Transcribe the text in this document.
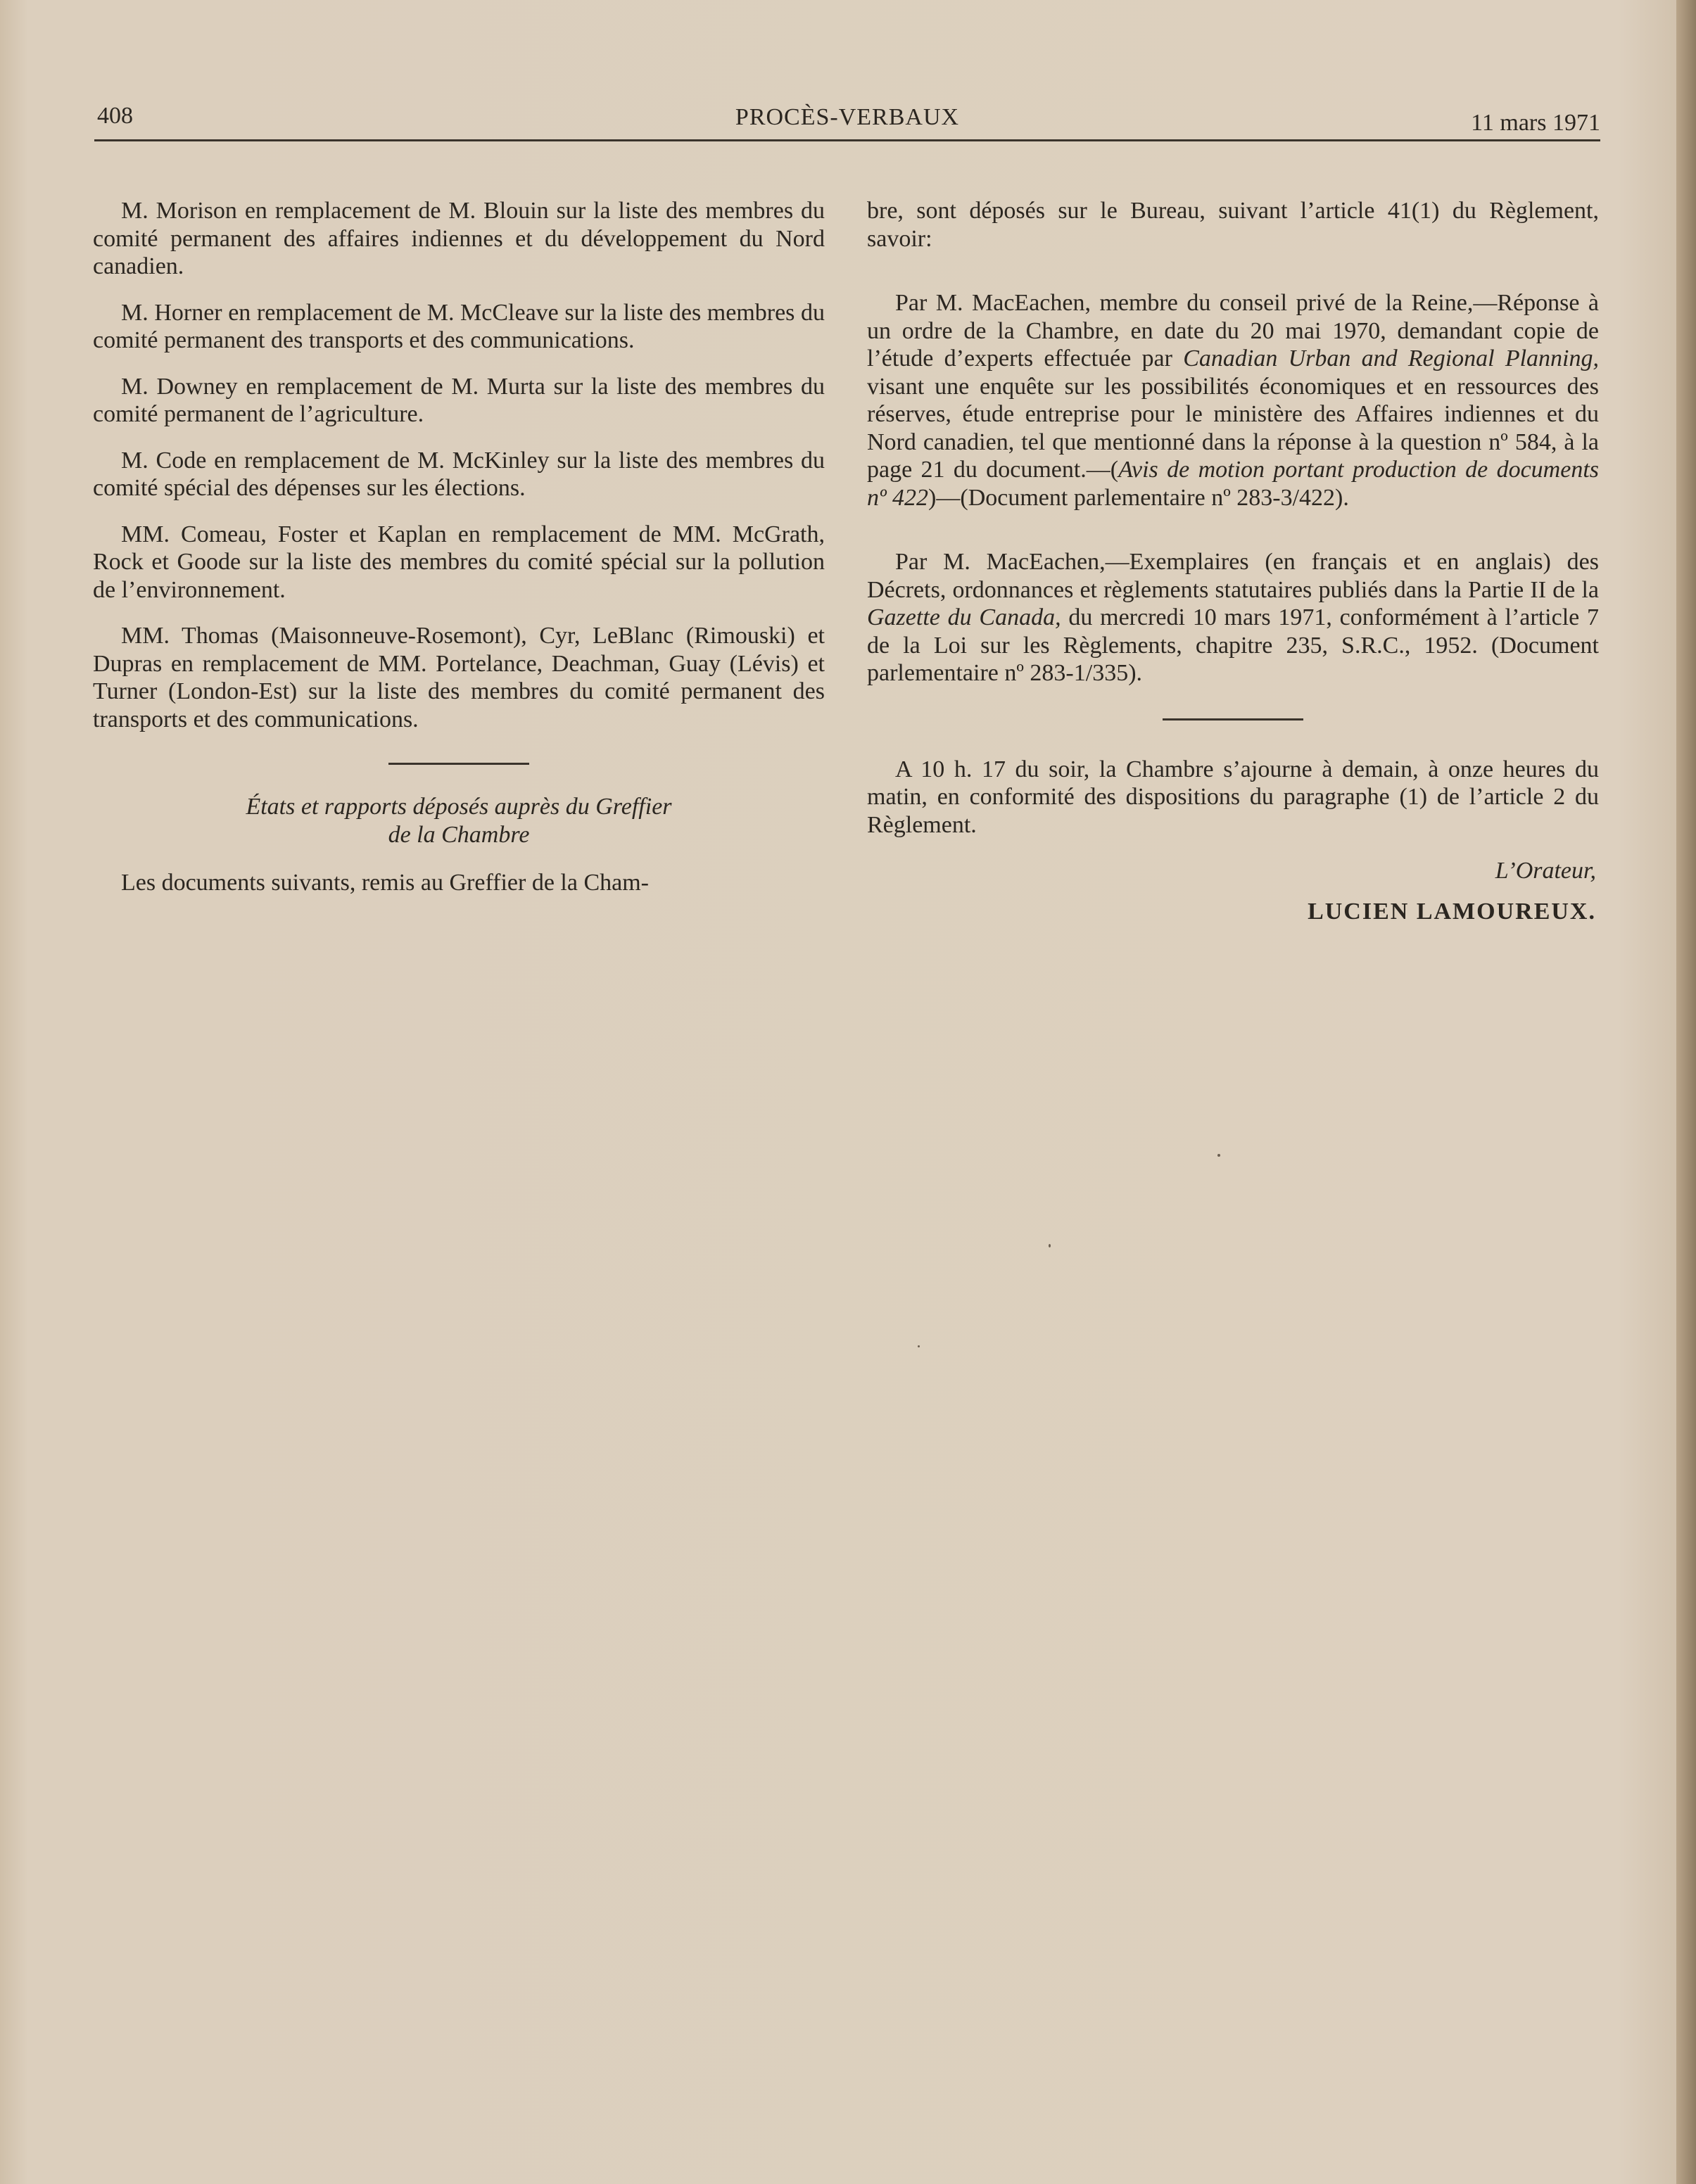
408	PROCÈS-VERBAUX	11 mars 1971

M. Morison en remplacement de M. Blouin sur la liste des membres du comité permanent des affaires indiennes et du développement du Nord canadien.

M. Horner en remplacement de M. McCleave sur la liste des membres du comité permanent des transports et des communications.

M. Downey en remplacement de M. Murta sur la liste des membres du comité permanent de l’agriculture.

M. Code en remplacement de M. McKinley sur la liste des membres du comité spécial des dépenses sur les élections.

MM. Comeau, Foster et Kaplan en remplacement de MM. McGrath, Rock et Goode sur la liste des membres du comité spécial sur la pollution de l’environnement.

MM. Thomas (Maisonneuve-Rosemont), Cyr, LeBlanc (Rimouski) et Dupras en remplacement de MM. Portelance, Deachman, Guay (Lévis) et Turner (London-Est) sur la liste des membres du comité permanent des transports et des communications.

États et rapports déposés auprès du Greffier
de la Chambre

Les documents suivants, remis au Greffier de la Cham-

bre, sont déposés sur le Bureau, suivant l’article 41(1) du Règlement, savoir:

Par M. MacEachen, membre du conseil privé de la Reine,—Réponse à un ordre de la Chambre, en date du 20 mai 1970, demandant copie de l’étude d’experts effectuée par Canadian Urban and Regional Planning, visant une enquête sur les possibilités économiques et en ressources des réserves, étude entreprise pour le ministère des Affaires indiennes et du Nord canadien, tel que mentionné dans la réponse à la question nº 584, à la page 21 du document.—(Avis de motion portant production de documents nº 422)—(Document parlementaire nº 283-3/422).

Par M. MacEachen,—Exemplaires (en français et en anglais) des Décrets, ordonnances et règlements statutaires publiés dans la Partie II de la Gazette du Canada, du mercredi 10 mars 1971, conformément à l’article 7 de la Loi sur les Règlements, chapitre 235, S.R.C., 1952. (Document parlementaire nº 283-1/335).

A 10 h. 17 du soir, la Chambre s’ajourne à demain, à onze heures du matin, en conformité des dispositions du paragraphe (1) de l’article 2 du Règlement.

L’Orateur,
LUCIEN LAMOUREUX.
